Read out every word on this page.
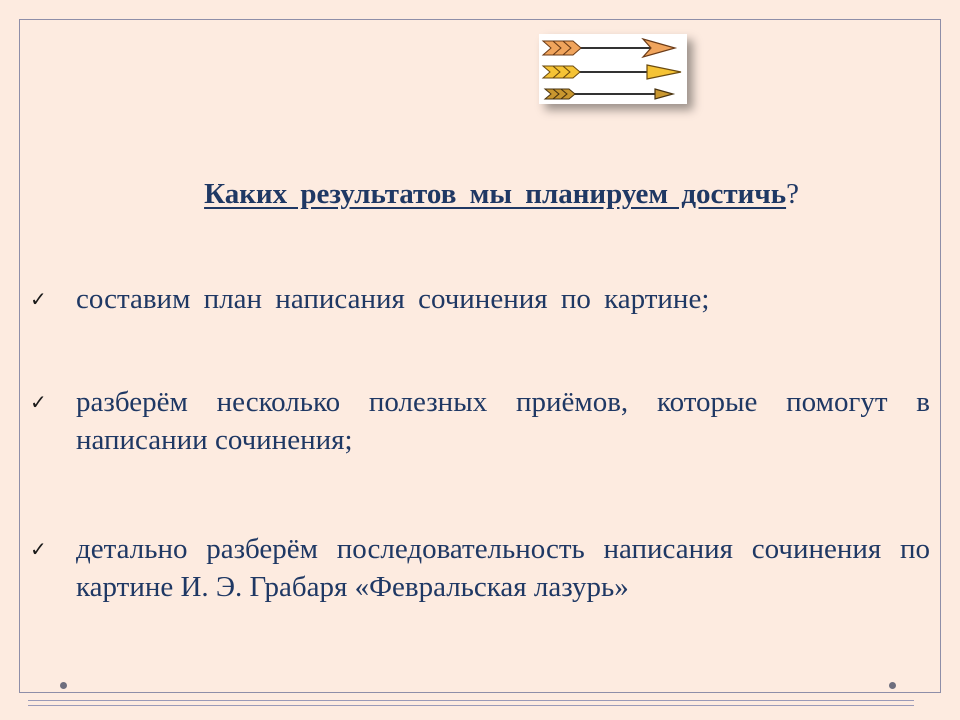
Каких результатов мы планируем достичь?
✓	составим план написания сочинения по картине;
✓	разберём несколько полезных приёмов, которые помогут в написании сочинения;
✓	детально разберём последовательность написания сочинения по картине И. Э. Грабаря «Февральская лазурь»
